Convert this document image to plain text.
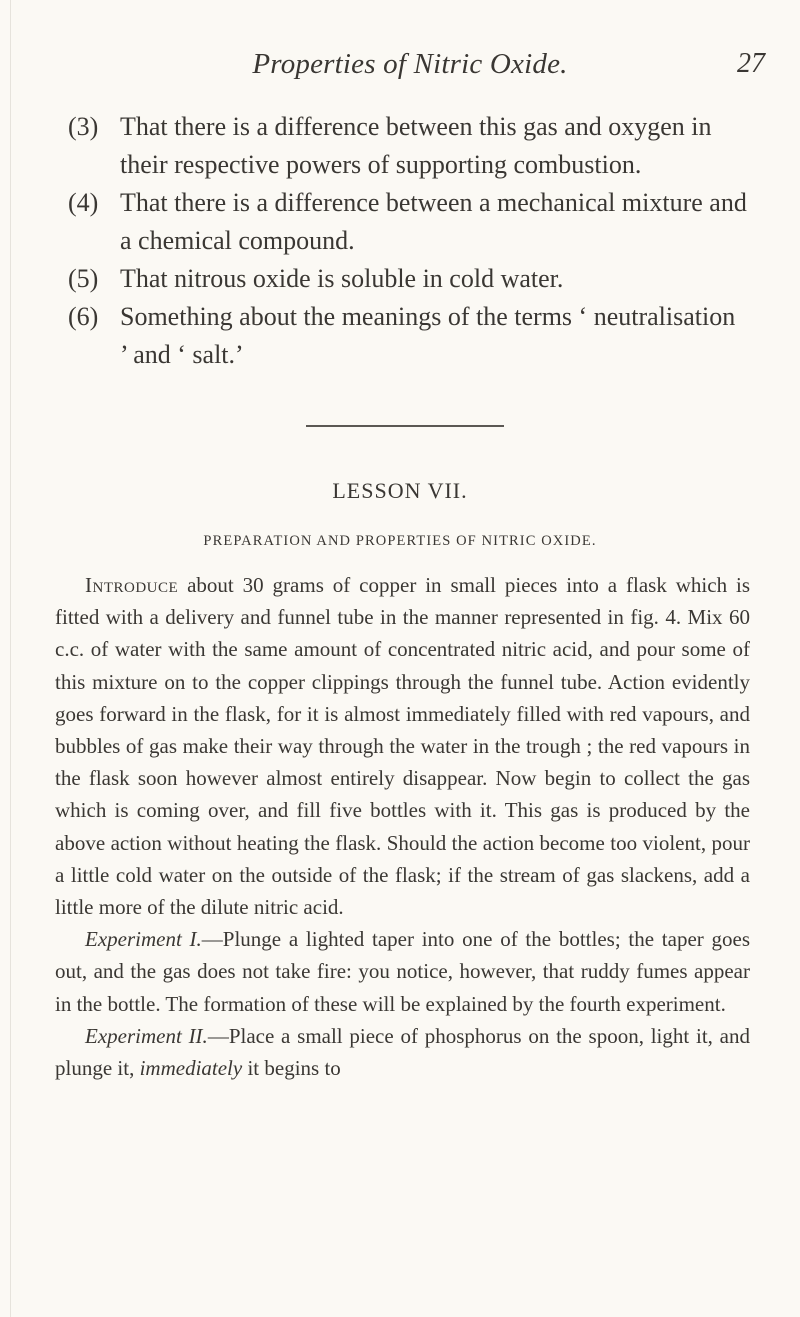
Properties of Nitric Oxide.	27
(3) That there is a difference between this gas and oxygen in their respective powers of supporting combustion.

(4) That there is a difference between a mechanical mixture and a chemical compound.

(5) That nitrous oxide is soluble in cold water.

(6) Something about the meanings of the terms ‘ neutralisation ’ and ‘ salt.’

LESSON VII.
PREPARATION AND PROPERTIES OF NITRIC OXIDE.

Introduce about 30 grams of copper in small pieces into a flask which is fitted with a delivery and funnel tube in the manner represented in fig. 4. Mix 60 c.c. of water with the same amount of concentrated nitric acid, and pour some of this mixture on to the copper clippings through the funnel tube. Action evidently goes forward in the flask, for it is almost immediately filled with red vapours, and bubbles of gas make their way through the water in the trough ; the red vapours in the flask soon however almost entirely disappear. Now begin to collect the gas which is coming over, and fill five bottles with it. This gas is produced by the above action without heating the flask. Should the action become too violent, pour a little cold water on the outside of the flask; if the stream of gas slackens, add a little more of the dilute nitric acid.

Experiment I.—Plunge a lighted taper into one of the bottles; the taper goes out, and the gas does not take fire: you notice, however, that ruddy fumes appear in the bottle. The formation of these will be explained by the fourth experiment.

Experiment II.—Place a small piece of phosphorus on the spoon, light it, and plunge it, immediately it begins to
